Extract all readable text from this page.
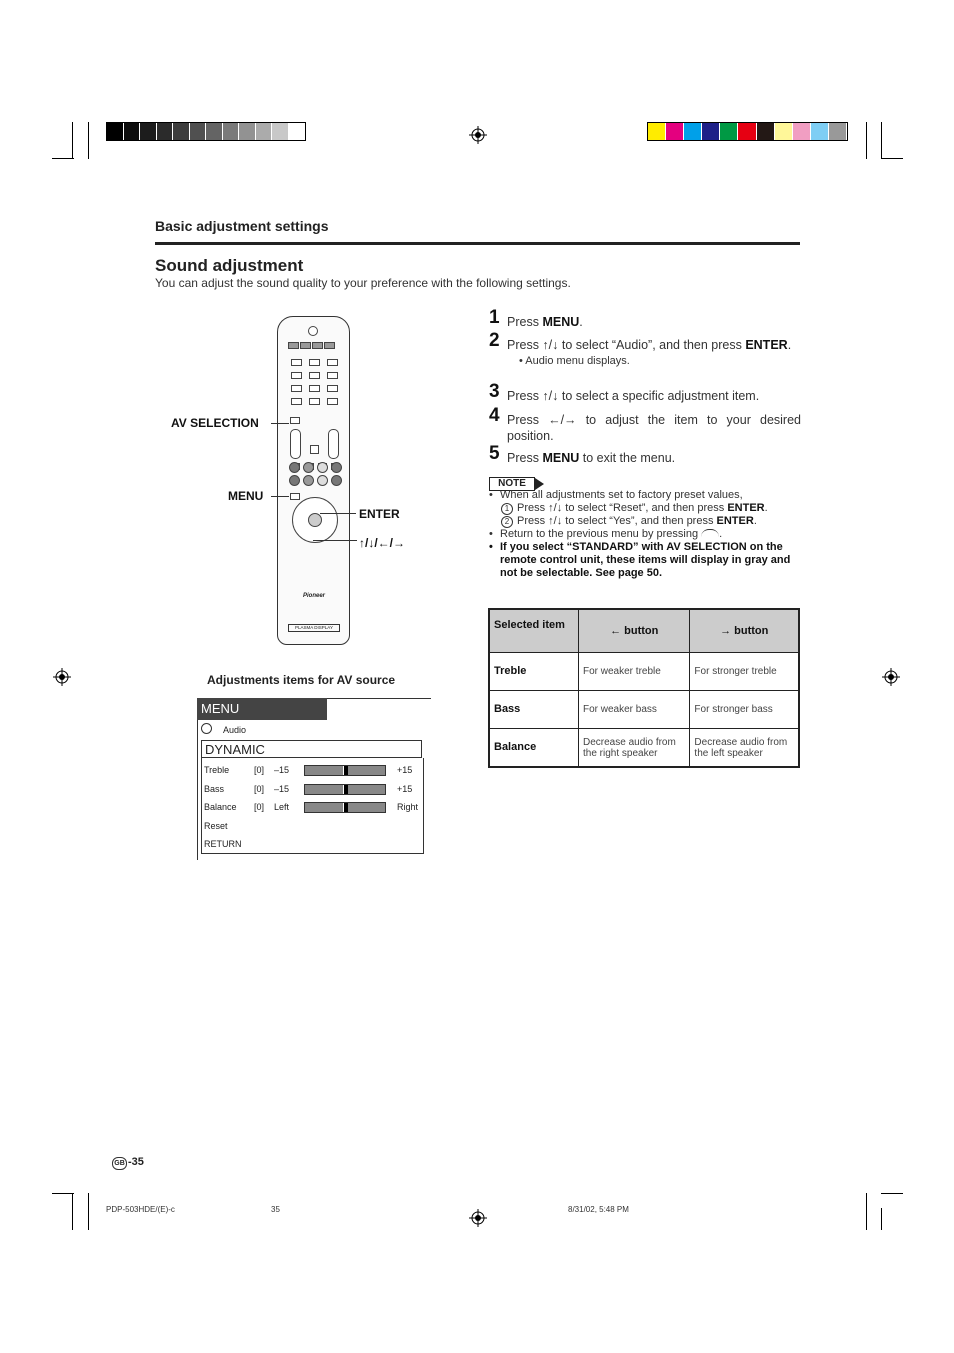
Basic adjustment settings
Sound adjustment
You can adjust the sound quality to your preference with the following settings.
Pioneer
PLASMA DISPLAY
AV SELECTION
MENU
ENTER
↑/↓/←/→
1 Press MENU.
2 Press ↑/↓ to select “Audio”, and then press ENTER.
• Audio menu displays.
3 Press ↑/↓ to select a specific adjustment item.
4 Press ←/→ to adjust the item to your desired position.
5 Press MENU to exit the menu.
NOTE
• When all adjustments set to factory preset values,
1 Press ↑/↓ to select “Reset”, and then press ENTER.
2 Press ↑/↓ to select “Yes”, and then press ENTER.
• Return to the previous menu by pressing .
• If you select “STANDARD” with AV SELECTION on the remote control unit, these items will display in gray and not be selectable. See page 50.
Adjustments items for AV source
MENU
Audio
DYNAMIC
Treble	[0] –15	+15
Bass	[0] –15	+15
Balance [0] Left	Right
Reset
RETURN
Selected item	← button	→ button
Treble	For weaker treble	For stronger treble
Bass	For weaker bass	For stronger bass
Balance	Decrease audio from the right speaker	Decrease audio from the left speaker
GB -35
PDP-503HDE/(E)-c	35	8/31/02, 5:48 PM
